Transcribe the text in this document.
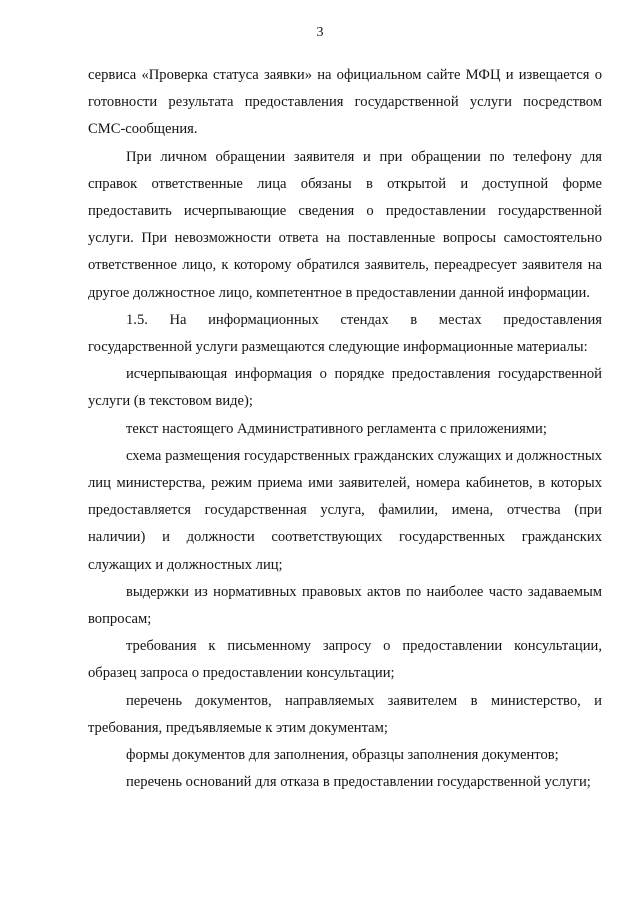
3

сервиса «Проверка статуса заявки» на официальном сайте МФЦ и извещается о готовности результата предоставления государственной услуги посредством СМС-сообщения.

При личном обращении заявителя и при обращении по телефону для справок ответственные лица обязаны в открытой и доступной форме предоставить исчерпывающие сведения о предоставлении государственной услуги. При невозможности ответа на поставленные вопросы самостоятельно ответственное лицо, к которому обратился заявитель, переадресует заявителя на другое должностное лицо, компетентное в предоставлении данной информации.

1.5. На информационных стендах в местах предоставления государственной услуги размещаются следующие информационные материалы:

исчерпывающая информация о порядке предоставления государственной услуги (в текстовом виде);

текст настоящего Административного регламента с приложениями;

схема размещения государственных гражданских служащих и должностных лиц министерства, режим приема ими заявителей, номера кабинетов, в которых предоставляется государственная услуга, фамилии, имена, отчества (при наличии) и должности соответствующих государственных гражданских служащих и должностных лиц;

выдержки из нормативных правовых актов по наиболее часто задаваемым вопросам;

требования к письменному запросу о предоставлении консультации, образец запроса о предоставлении консультации;

перечень документов, направляемых заявителем в министерство, и требования, предъявляемые к этим документам;

формы документов для заполнения, образцы заполнения документов;

перечень оснований для отказа в предоставлении государственной услуги;
